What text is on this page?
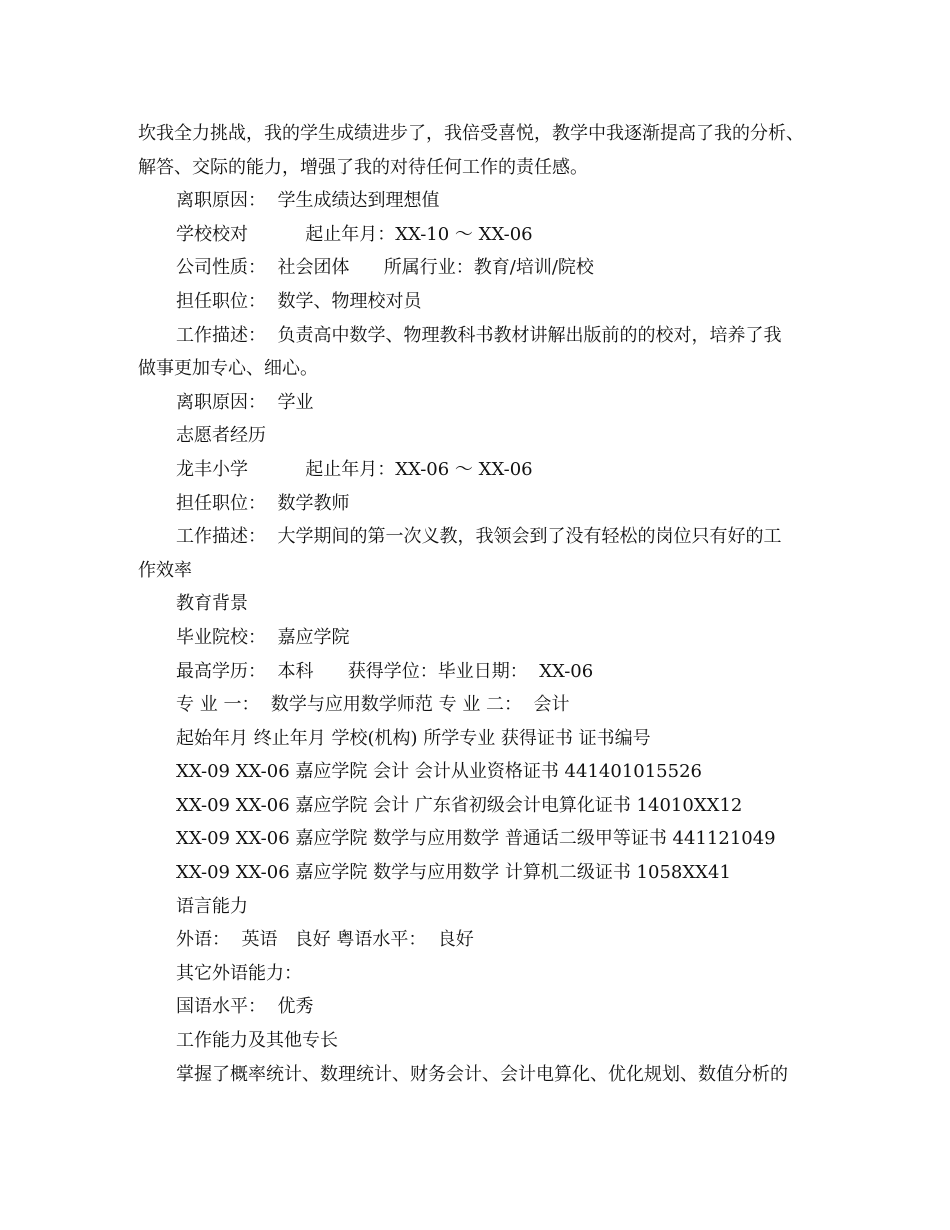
坎我全力挑战，我的学生成绩进步了，我倍受喜悦，教学中我逐渐提高了我的分析、
解答、交际的能力，增强了我的对待任何工作的责任感。
离职原因：  学生成绩达到理想值
学校校对          起止年月：XX-10 ～ XX-06
公司性质：  社会团体      所属行业：教育/培训/院校
担任职位：  数学、物理校对员
工作描述：  负责高中数学、物理教科书教材讲解出版前的的校对，培养了我
做事更加专心、细心。
离职原因：  学业
志愿者经历
龙丰小学          起止年月：XX-06 ～ XX-06
担任职位：  数学教师
工作描述：  大学期间的第一次义教，我领会到了没有轻松的岗位只有好的工
作效率
教育背景
毕业院校：  嘉应学院
最高学历：  本科      获得学位：毕业日期：  XX-06
专 业 一：  数学与应用数学师范 专 业 二：  会计
起始年月 终止年月 学校(机构) 所学专业 获得证书 证书编号
XX-09 XX-06 嘉应学院 会计 会计从业资格证书 441401015526
XX-09 XX-06 嘉应学院 会计 广东省初级会计电算化证书 14010XX12
XX-09 XX-06 嘉应学院 数学与应用数学 普通话二级甲等证书 441121049
XX-09 XX-06 嘉应学院 数学与应用数学 计算机二级证书 1058XX41
语言能力
外语：  英语   良好 粤语水平：  良好
其它外语能力：
国语水平：  优秀
工作能力及其他专长
掌握了概率统计、数理统计、财务会计、会计电算化、优化规划、数值分析的
